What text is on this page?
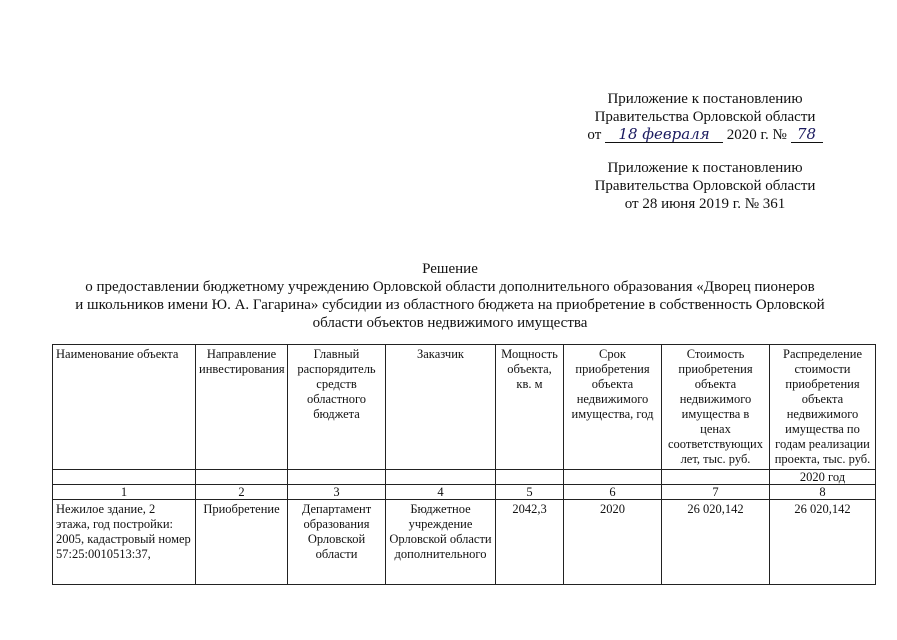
Приложение к постановлению
Правительства Орловской области
от 18 февраля 2020 г. № 78
Приложение к постановлению
Правительства Орловской области
от 28 июня 2019 г. № 361
Решение
о предоставлении бюджетному учреждению Орловской области дополнительного образования «Дворец пионеров
и школьников имени Ю. А. Гагарина» субсидии из областного бюджета на приобретение в собственность Орловской
области объектов недвижимого имущества
Наименование объекта	Направление инвестирования	Главный распорядитель средств областного бюджета	Заказчик	Мощность объекта, кв. м	Срок приобретения объекта недвижимого имущества, год	Стоимость приобретения объекта недвижимого имущества в ценах соответствующих лет, тыс. руб.	Распределение стоимости приобретения объекта недвижимого имущества по годам реализации проекта, тыс. руб.
							2020 год
1	2	3	4	5	6	7	8
Нежилое здание, 2 этажа, год постройки: 2005, кадастровый номер 57:25:0010513:37,	Приобретение	Департамент образования Орловской области	Бюджетное учреждение Орловской области дополнительного	2042,3	2020	26 020,142	26 020,142
